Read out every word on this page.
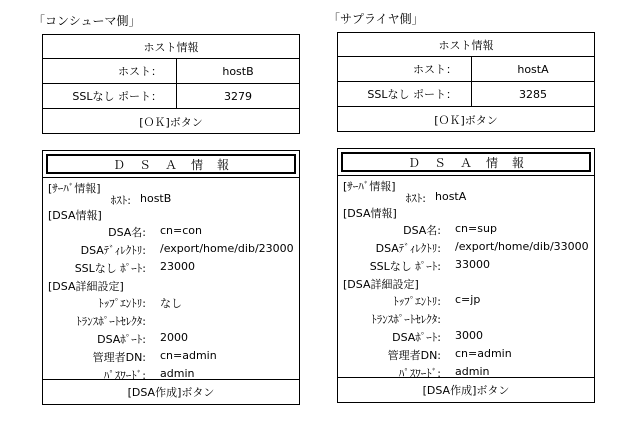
「コンシューマ側」
ホスト情報
ホスト：	hostB
SSLなし ポート：	3279
[ＯＫ]ボタン
ＤＳＡ情報
[ｻｰﾊﾞ情報]
ﾎｽﾄ: hostB
[DSA情報]
DSA名: cn=con
DSAﾃﾞｨﾚｸﾄﾘ: /export/home/dib/23000
SSLなし ﾎﾟｰﾄ: 23000
[DSA詳細設定]
ﾄｯﾌﾟｴﾝﾄﾘ: なし
ﾄﾗﾝｽﾎﾟｰﾄｾﾚｸﾀ:
DSAﾎﾟｰﾄ: 2000
管理者DN: cn=admin
ﾊﾟｽﾜｰﾄﾞ: admin
[DSA作成]ボタン
「サプライヤ側」
ホスト情報
ホスト：	hostA
SSLなし ポート：	3285
[ＯＫ]ボタン
ＤＳＡ情報
[ｻｰﾊﾞ情報]
ﾎｽﾄ: hostA
[DSA情報]
DSA名: cn=sup
DSAﾃﾞｨﾚｸﾄﾘ: /export/home/dib/33000
SSLなし ﾎﾟｰﾄ: 33000
[DSA詳細設定]
ﾄｯﾌﾟｴﾝﾄﾘ: c=jp
ﾄﾗﾝｽﾎﾟｰﾄｾﾚｸﾀ:
DSAﾎﾟｰﾄ: 3000
管理者DN: cn=admin
ﾊﾟｽﾜｰﾄﾞ: admin
[DSA作成]ボタン
